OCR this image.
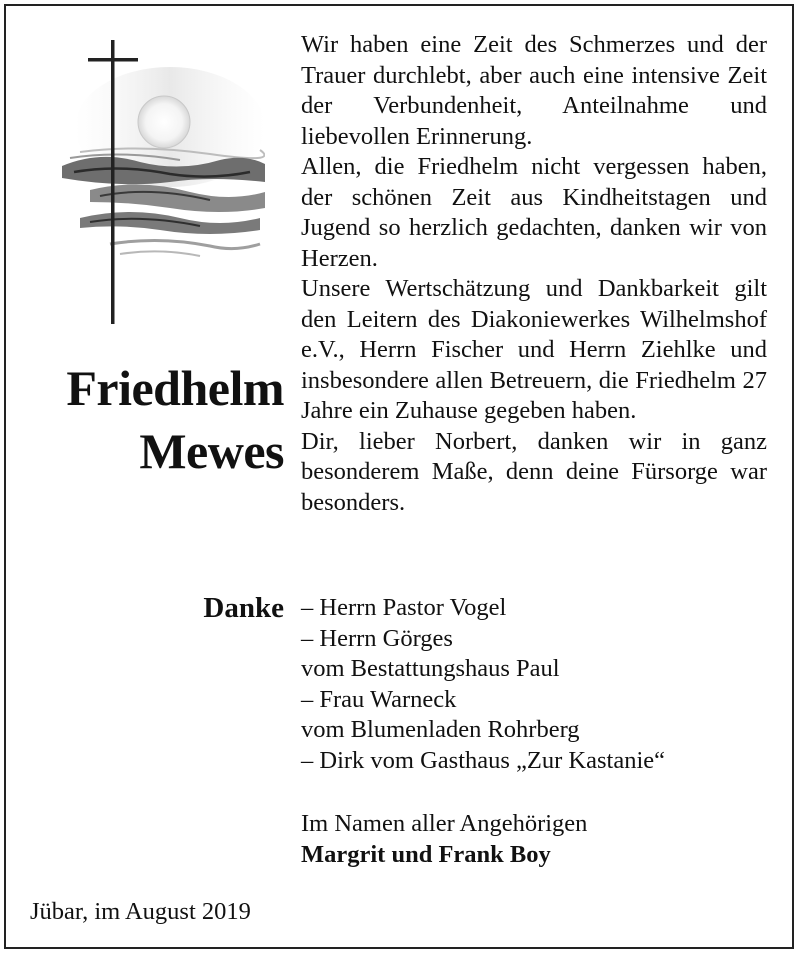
Friedhelm
Mewes

Wir haben eine Zeit des Schmerzes und der Trauer durchlebt, aber auch eine intensive Zeit der Verbundenheit, Anteilnahme und liebevollen Erinnerung.

Allen, die Friedhelm nicht vergessen haben, der schönen Zeit aus Kindheitstagen und Jugend so herzlich gedachten, danken wir von Herzen.

Unsere Wertschätzung und Dankbarkeit gilt den Leitern des Diakoniewerkes Wilhelmshof e.V., Herrn Fischer und Herrn Ziehlke und insbesondere allen Betreuern, die Friedhelm 27 Jahre ein Zuhause gegeben haben.

Dir, lieber Norbert, danken wir in ganz besonderem Maße, denn deine Fürsorge war besonders.

Danke – Herrn Pastor Vogel
– Herrn Görges
vom Bestattungshaus Paul
– Frau Warneck
vom Blumenladen Rohrberg
– Dirk vom Gasthaus „Zur Kastanie“
Im Namen aller Angehörigen
Margrit und Frank Boy
Jübar, im August 2019
